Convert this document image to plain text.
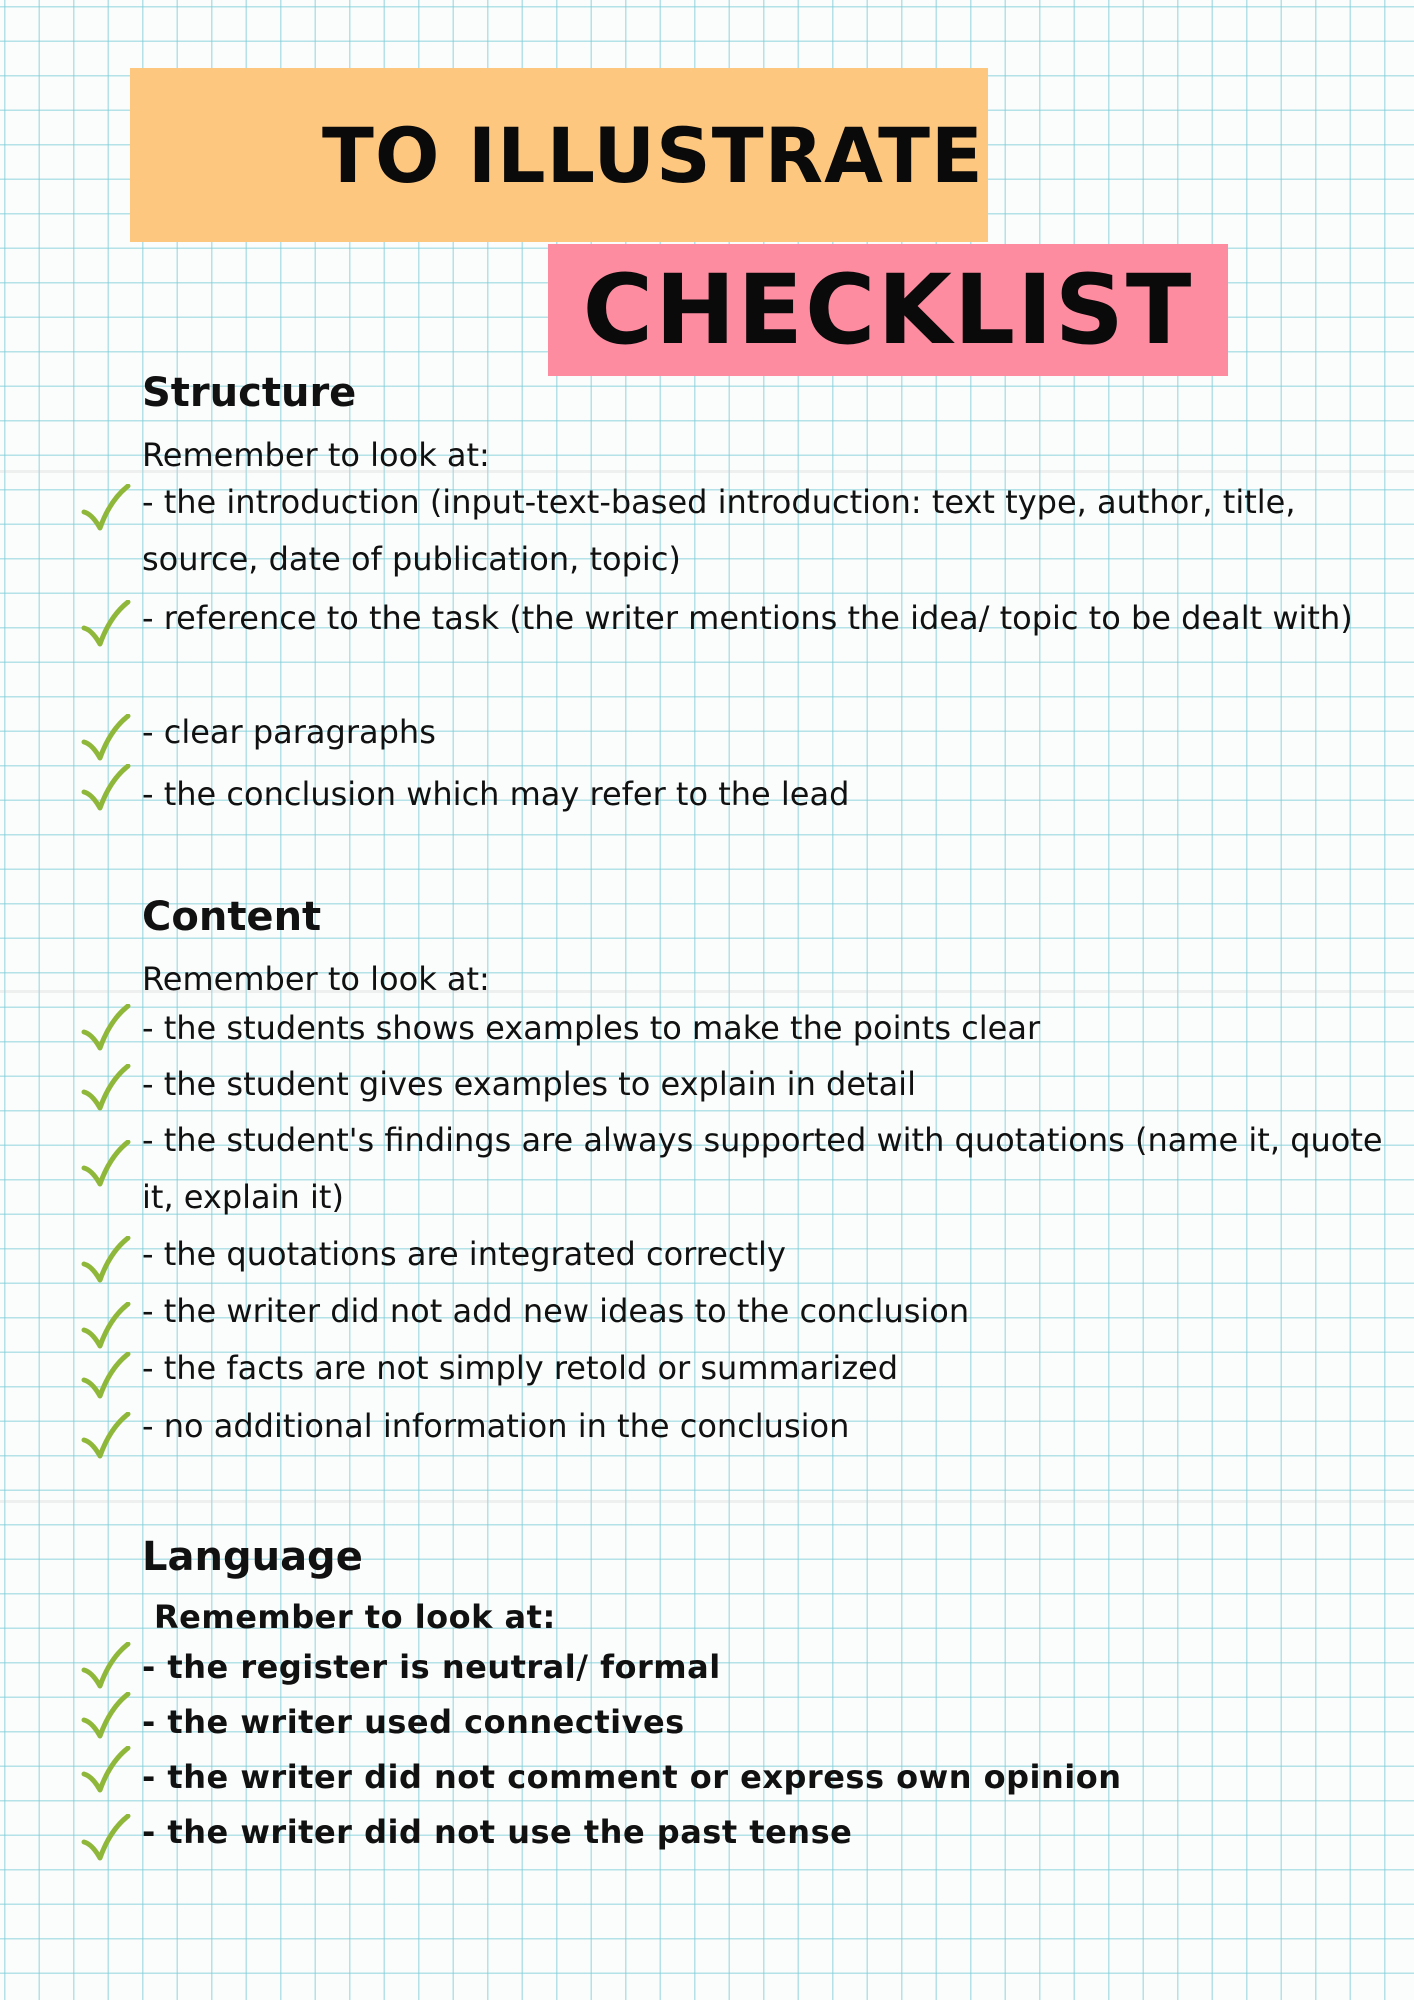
TO ILLUSTRATE
CHECKLIST
Structure
Remember to look at:
- the introduction (input-text-based introduction: text type, author, title, source, date of publication, topic)
- reference to the task (the writer mentions the idea/ topic to be dealt with)
- clear paragraphs
- the conclusion which may refer to the lead
Content
Remember to look at:
- the students shows examples to make the points clear
- the student gives examples to explain in detail
- the student's findings are always supported with quotations (name it, quote it, explain it)
- the quotations are integrated correctly
- the writer did not add new ideas to the conclusion
- the facts are not simply retold or summarized
- no additional information in the conclusion
Language
Remember to look at:
- the register is neutral/ formal
- the writer used connectives
- the writer did not comment or express own opinion
- the writer did not use the past tense
